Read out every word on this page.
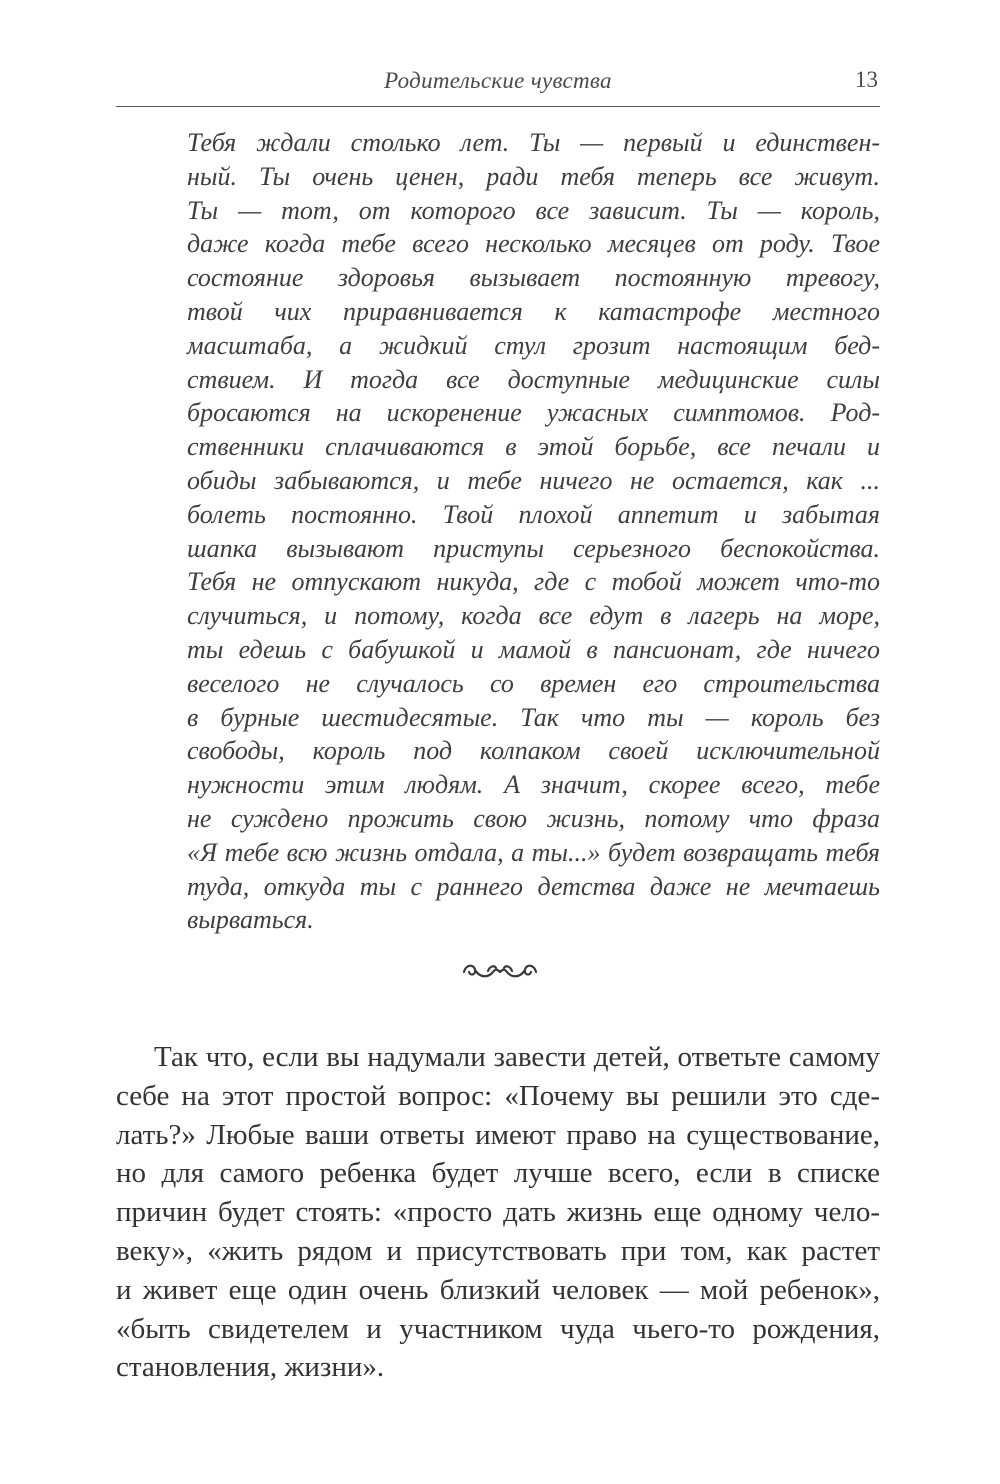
Родительские чувства	13
Тебя ждали столько лет. Ты — первый и единствен-
ный. Ты очень ценен, ради тебя теперь все живут.
Ты — тот, от которого все зависит. Ты — король,
даже когда тебе всего несколько месяцев от роду. Твое
состояние здоровья вызывает постоянную тревогу,
твой чих приравнивается к катастрофе местного
масштаба, а жидкий стул грозит настоящим бед-
ствием. И тогда все доступные медицинские силы
бросаются на искоренение ужасных симптомов. Род-
ственники сплачиваются в этой борьбе, все печали и
обиды забываются, и тебе ничего не остается, как ...
болеть постоянно. Твой плохой аппетит и забытая
шапка вызывают приступы серьезного беспокойства.
Тебя не отпускают никуда, где с тобой может что-то
случиться, и потому, когда все едут в лагерь на море,
ты едешь с бабушкой и мамой в пансионат, где ничего
веселого не случалось со времен его строительства
в бурные шестидесятые. Так что ты — король без
свободы, король под колпаком своей исключительной
нужности этим людям. А значит, скорее всего, тебе
не суждено прожить свою жизнь, потому что фраза
«Я тебе всю жизнь отдала, а ты...» будет возвращать тебя
туда, откуда ты с раннего детства даже не мечтаешь
вырваться.
Так что, если вы надумали завести детей, ответьте самому
себе на этот простой вопрос: «Почему вы решили это сде-
лать?» Любые ваши ответы имеют право на существование,
но для самого ребенка будет лучше всего, если в списке
причин будет стоять: «просто дать жизнь еще одному чело-
веку», «жить рядом и присутствовать при том, как растет
и живет еще один очень близкий человек — мой ребенок»,
«быть свидетелем и участником чуда чьего-то рождения,
становления, жизни».
